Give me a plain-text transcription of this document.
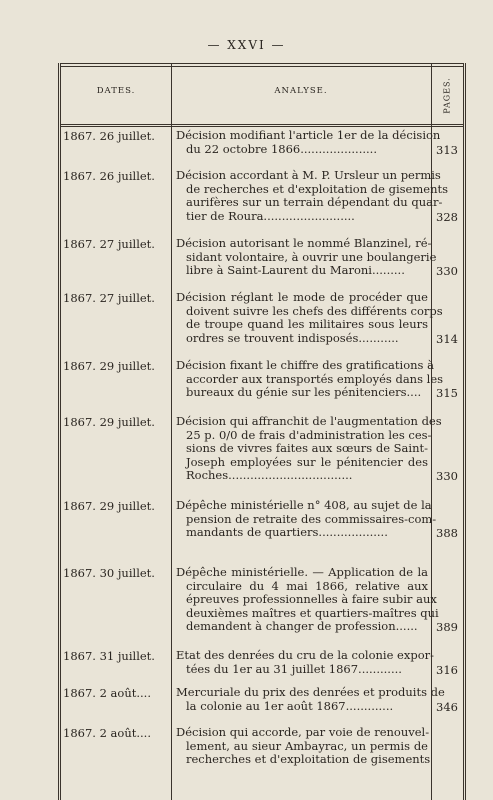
— XXVI —
DATES.	ANALYSE.	PAGES.
1867. 26 juillet.	Décision modifiant l'article 1er de la décision
du 22 octobre 1866.....................	313
1867. 26 juillet.	Décision accordant à M. P. Ursleur un permis
de recherches et d'exploitation de gisements
aurifères sur un terrain dépendant du quar-
tier de Roura.........................	328
1867. 27 juillet.	Décision autorisant le nommé Blanzinel, ré-
sidant volontaire, à ouvrir une boulangerie
libre à Saint-Laurent du Maroni.........	330
1867. 27 juillet.	Décision réglant le mode de procéder que
doivent suivre les chefs des différents corps
de troupe quand les militaires sous leurs
ordres se trouvent indisposés...........	314
1867. 29 juillet.	Décision fixant le chiffre des gratifications à
accorder aux transportés employés dans les
bureaux du génie sur les pénitenciers....	315
1867. 29 juillet.	Décision qui affranchit de l'augmentation des
25 p. 0/0 de frais d'administration les ces-
sions de vivres faites aux sœurs de Saint-
Joseph employées sur le pénitencier des
Roches..................................	330
1867. 29 juillet.	Dépêche ministérielle n° 408, au sujet de la
pension de retraite des commissaires-com-
mandants de quartiers...................	388
1867. 30 juillet.	Dépêche ministérielle. — Application de la
circulaire du 4 mai 1866, relative aux
épreuves professionnelles à faire subir aux
deuxièmes maîtres et quartiers-maîtres qui
demandent à changer de profession......	389
1867. 31 juillet.	Etat des denrées du cru de la colonie expor-
tées du 1er au 31 juillet 1867............	316
1867. 2 août....	Mercuriale du prix des denrées et produits de
la colonie au 1er août 1867.............	346
1867. 2 août....	Décision qui accorde, par voie de renouvel-
lement, au sieur Ambayrac, un permis de
recherches et d'exploitation de gisements
